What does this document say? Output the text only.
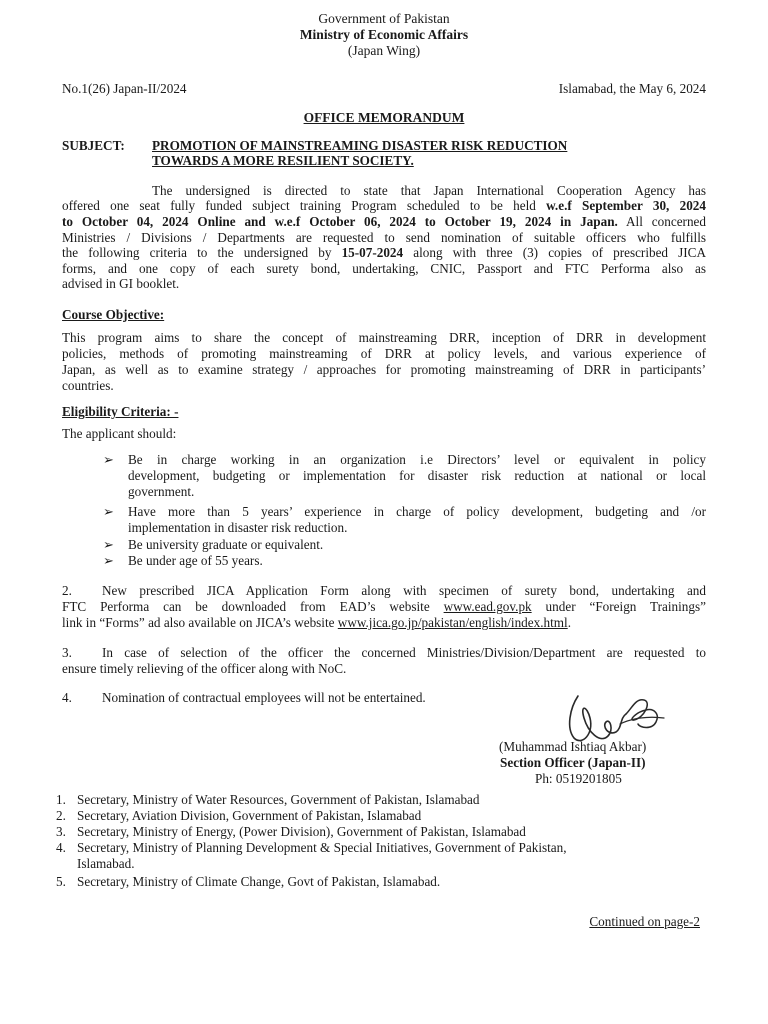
Government of Pakistan
Ministry of Economic Affairs
(Japan Wing)
No.1(26) Japan-II/2024	Islamabad, the May 6, 2024
OFFICE MEMORANDUM
SUBJECT: PROMOTION OF MAINSTREAMING DISASTER RISK REDUCTION
TOWARDS A MORE RESILIENT SOCIETY.
The undersigned is directed to state that Japan International Cooperation Agency has
offered one seat fully funded subject training Program scheduled to be held w.e.f September 30, 2024
to October 04, 2024 Online and w.e.f October 06, 2024 to October 19, 2024 in Japan. All concerned
Ministries / Divisions / Departments are requested to send nomination of suitable officers who fulfills
the following criteria to the undersigned by 15-07-2024 along with three (3) copies of prescribed JICA
forms, and one copy of each surety bond, undertaking, CNIC, Passport and FTC Performa also as
advised in GI booklet.
Course Objective:
This program aims to share the concept of mainstreaming DRR, inception of DRR in development
policies, methods of promoting mainstreaming of DRR at policy levels, and various experience of
Japan, as well as to examine strategy / approaches for promoting mainstreaming of DRR in participants’
countries.
Eligibility Criteria: -
The applicant should:
➢ Be in charge working in an organization i.e Directors’ level or equivalent in policy
development, budgeting or implementation for disaster risk reduction at national or local
government.
➢ Have more than 5 years’ experience in charge of policy development, budgeting and /or
implementation in disaster risk reduction.
➢ Be university graduate or equivalent.
➢ Be under age of 55 years.
2.	New prescribed JICA Application Form along with specimen of surety bond, undertaking and
FTC Performa can be downloaded from EAD’s website www.ead.gov.pk under “Foreign Trainings”
link in “Forms” ad also available on JICA’s website www.jica.go.jp/pakistan/english/index.html.
3.	In case of selection of the officer the concerned Ministries/Division/Department are requested to
ensure timely relieving of the officer along with NoC.
4.	Nomination of contractual employees will not be entertained.
(Muhammad Ishtiaq Akbar)
Section Officer (Japan-II)
Ph: 0519201805
1. Secretary, Ministry of Water Resources, Government of Pakistan, Islamabad
2. Secretary, Aviation Division, Government of Pakistan, Islamabad
3. Secretary, Ministry of Energy, (Power Division), Government of Pakistan, Islamabad
4. Secretary, Ministry of Planning Development & Special Initiatives, Government of Pakistan,
Islamabad.
5. Secretary, Ministry of Climate Change, Govt of Pakistan, Islamabad.
Continued on page-2
